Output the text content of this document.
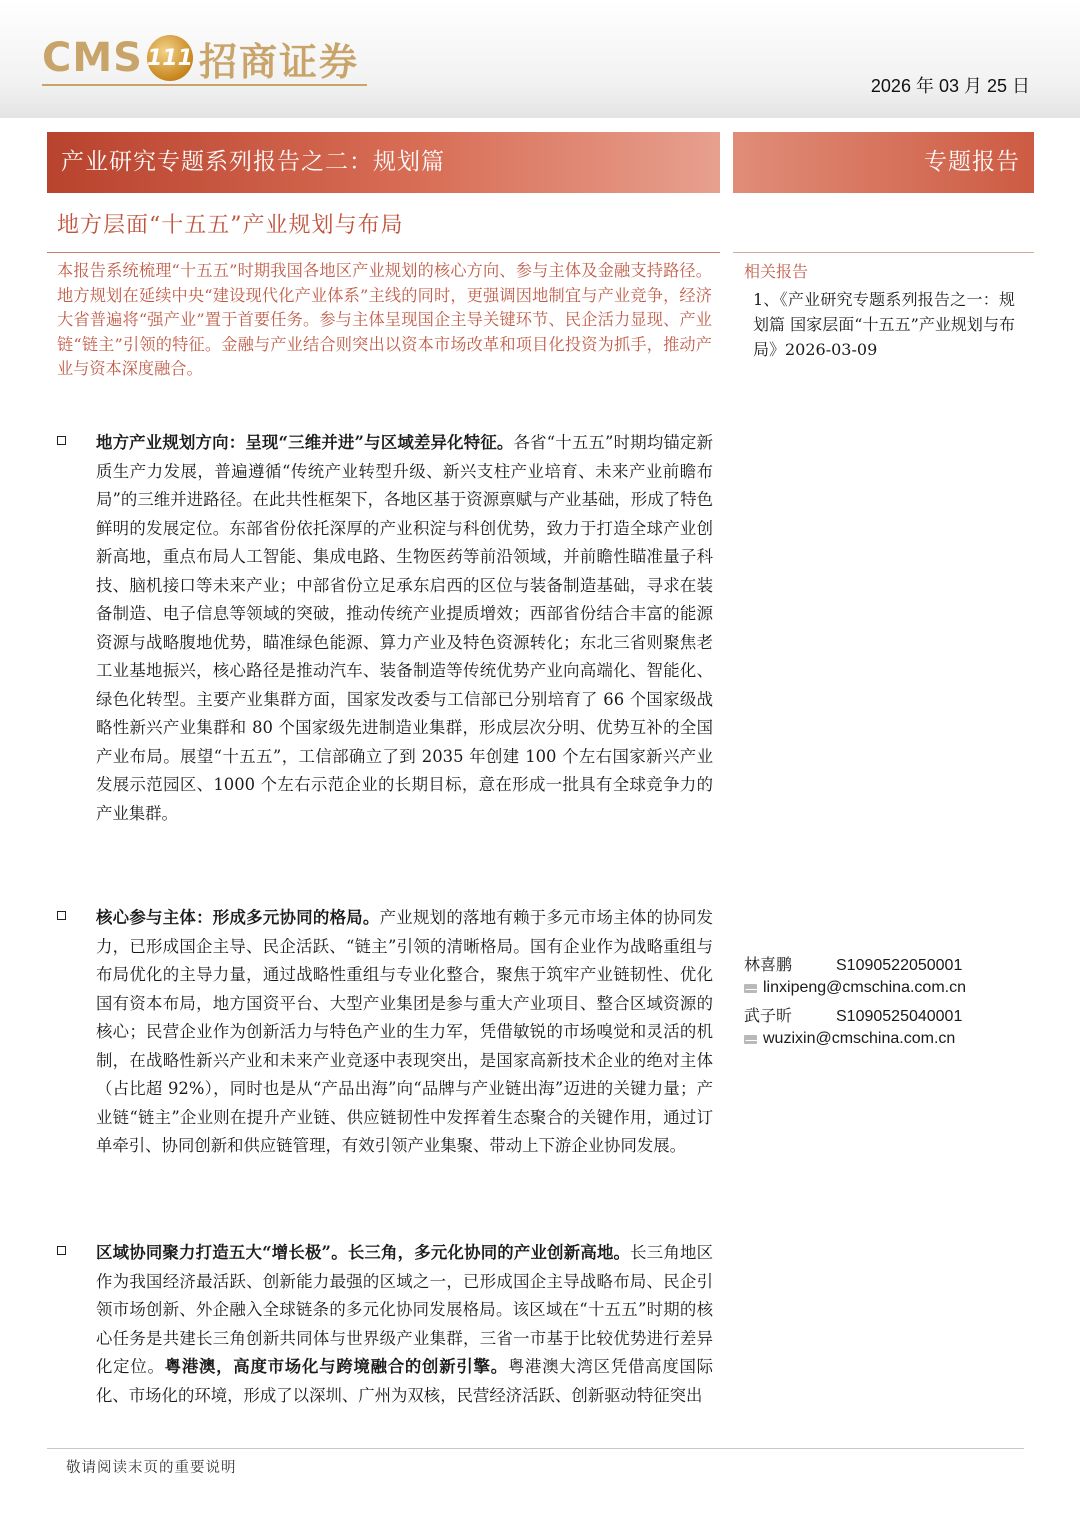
CMS 111 招商证券
2026 年 03 月 25 日
产业研究专题系列报告之二：规划篇	专题报告
地方层面“十五五”产业规划与布局
本报告系统梳理“十五五”时期我国各地区产业规划的核心方向、参与主体及金融支持路径。地方规划在延续中央“建设现代化产业体系”主线的同时，更强调因地制宜与产业竞争，经济大省普遍将“强产业”置于首要任务。参与主体呈现国企主导关键环节、民企活力显现、产业链“链主”引领的特征。金融与产业结合则突出以资本市场改革和项目化投资为抓手，推动产业与资本深度融合。
相关报告
1、《产业研究专题系列报告之一：规划篇 国家层面“十五五”产业规划与布局》2026-03-09
地方产业规划方向：呈现“三维并进”与区域差异化特征。各省“十五五”时期均锚定新质生产力发展，普遍遵循“传统产业转型升级、新兴支柱产业培育、未来产业前瞻布局”的三维并进路径。在此共性框架下，各地区基于资源禀赋与产业基础，形成了特色鲜明的发展定位。东部省份依托深厚的产业积淀与科创优势，致力于打造全球产业创新高地，重点布局人工智能、集成电路、生物医药等前沿领域，并前瞻性瞄准量子科技、脑机接口等未来产业；中部省份立足承东启西的区位与装备制造基础，寻求在装备制造、电子信息等领域的突破，推动传统产业提质增效；西部省份结合丰富的能源资源与战略腹地优势，瞄准绿色能源、算力产业及特色资源转化；东北三省则聚焦老工业基地振兴，核心路径是推动汽车、装备制造等传统优势产业向高端化、智能化、绿色化转型。主要产业集群方面，国家发改委与工信部已分别培育了 66 个国家级战略性新兴产业集群和 80 个国家级先进制造业集群，形成层次分明、优势互补的全国产业布局。展望“十五五”，工信部确立了到 2035 年创建 100 个左右国家新兴产业发展示范园区、1000 个左右示范企业的长期目标，意在形成一批具有全球竞争力的产业集群。
核心参与主体：形成多元协同的格局。产业规划的落地有赖于多元市场主体的协同发力，已形成国企主导、民企活跃、“链主”引领的清晰格局。国有企业作为战略重组与布局优化的主导力量，通过战略性重组与专业化整合，聚焦于筑牢产业链韧性、优化国有资本布局，地方国资平台、大型产业集团是参与重大产业项目、整合区域资源的核心；民营企业作为创新活力与特色产业的生力军，凭借敏锐的市场嗅觉和灵活的机制，在战略性新兴产业和未来产业竞逐中表现突出，是国家高新技术企业的绝对主体（占比超 92%），同时也是从“产品出海”向“品牌与产业链出海”迈进的关键力量；产业链“链主”企业则在提升产业链、供应链韧性中发挥着生态聚合的关键作用，通过订单牵引、协同创新和供应链管理，有效引领产业集聚、带动上下游企业协同发展。
区域协同聚力打造五大“增长极”。长三角，多元化协同的产业创新高地。长三角地区作为我国经济最活跃、创新能力最强的区域之一，已形成国企主导战略布局、民企引领市场创新、外企融入全球链条的多元化协同发展格局。该区域在“十五五”时期的核心任务是共建长三角创新共同体与世界级产业集群，三省一市基于比较优势进行差异化定位。粤港澳，高度市场化与跨境融合的创新引擎。粤港澳大湾区凭借高度国际化、市场化的环境，形成了以深圳、广州为双核，民营经济活跃、创新驱动特征突出
林喜鹏	S1090522050001
linxipeng@cmschina.com.cn
武子昕	S1090525040001
wuzixin@cmschina.com.cn
敬请阅读末页的重要说明
